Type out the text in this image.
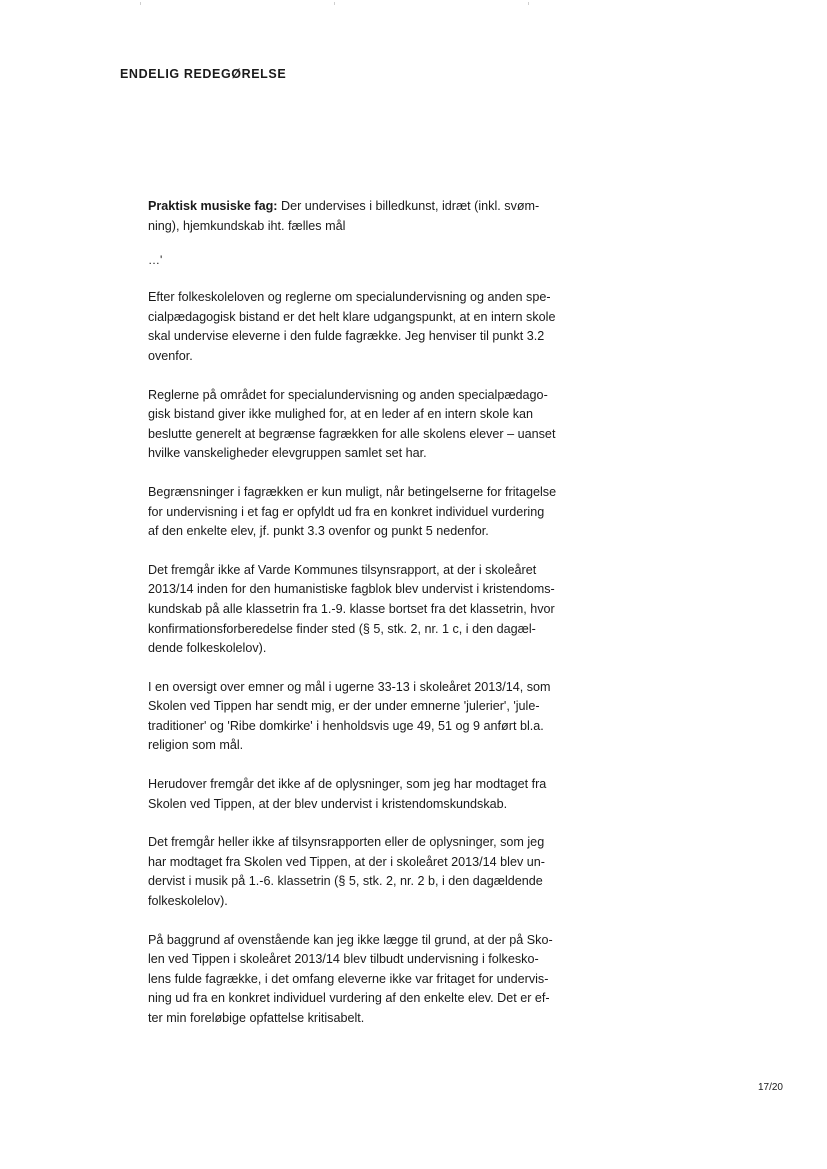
ENDELIG REDEGØRELSE

Praktisk musiske fag: Der undervises i billedkunst, idræt (inkl. svøm-
ning), hjemkundskab iht. fælles mål

…'

Efter folkeskoleloven og reglerne om specialundervisning og anden spe-
cialpædagogisk bistand er det helt klare udgangspunkt, at en intern skole
skal undervise eleverne i den fulde fagrække. Jeg henviser til punkt 3.2
ovenfor.

Reglerne på området for specialundervisning og anden specialpædago-
gisk bistand giver ikke mulighed for, at en leder af en intern skole kan
beslutte generelt at begrænse fagrækken for alle skolens elever – uanset
hvilke vanskeligheder elevgruppen samlet set har.

Begrænsninger i fagrækken er kun muligt, når betingelserne for fritagelse
for undervisning i et fag er opfyldt ud fra en konkret individuel vurdering
af den enkelte elev, jf. punkt 3.3 ovenfor og punkt 5 nedenfor.

Det fremgår ikke af Varde Kommunes tilsynsrapport, at der i skoleåret
2013/14 inden for den humanistiske fagblok blev undervist i kristendoms-
kundskab på alle klassetrin fra 1.-9. klasse bortset fra det klassetrin, hvor
konfirmationsforberedelse finder sted (§ 5, stk. 2, nr. 1 c, i den dagæl-
dende folkeskolelov).

I en oversigt over emner og mål i ugerne 33-13 i skoleåret 2013/14, som
Skolen ved Tippen har sendt mig, er der under emnerne 'julerier', 'jule-
traditioner' og 'Ribe domkirke' i henholdsvis uge 49, 51 og 9 anført bl.a.
religion som mål.

Herudover fremgår det ikke af de oplysninger, som jeg har modtaget fra
Skolen ved Tippen, at der blev undervist i kristendomskundskab.

Det fremgår heller ikke af tilsynsrapporten eller de oplysninger, som jeg
har modtaget fra Skolen ved Tippen, at der i skoleåret 2013/14 blev un-
dervist i musik på 1.-6. klassetrin (§ 5, stk. 2, nr. 2 b, i den dagældende
folkeskolelov).

På baggrund af ovenstående kan jeg ikke lægge til grund, at der på Sko-
len ved Tippen i skoleåret 2013/14 blev tilbudt undervisning i folkesko-
lens fulde fagrække, i det omfang eleverne ikke var fritaget for undervis-
ning ud fra en konkret individuel vurdering af den enkelte elev. Det er ef-
ter min foreløbige opfattelse kritisabelt.

17/20
